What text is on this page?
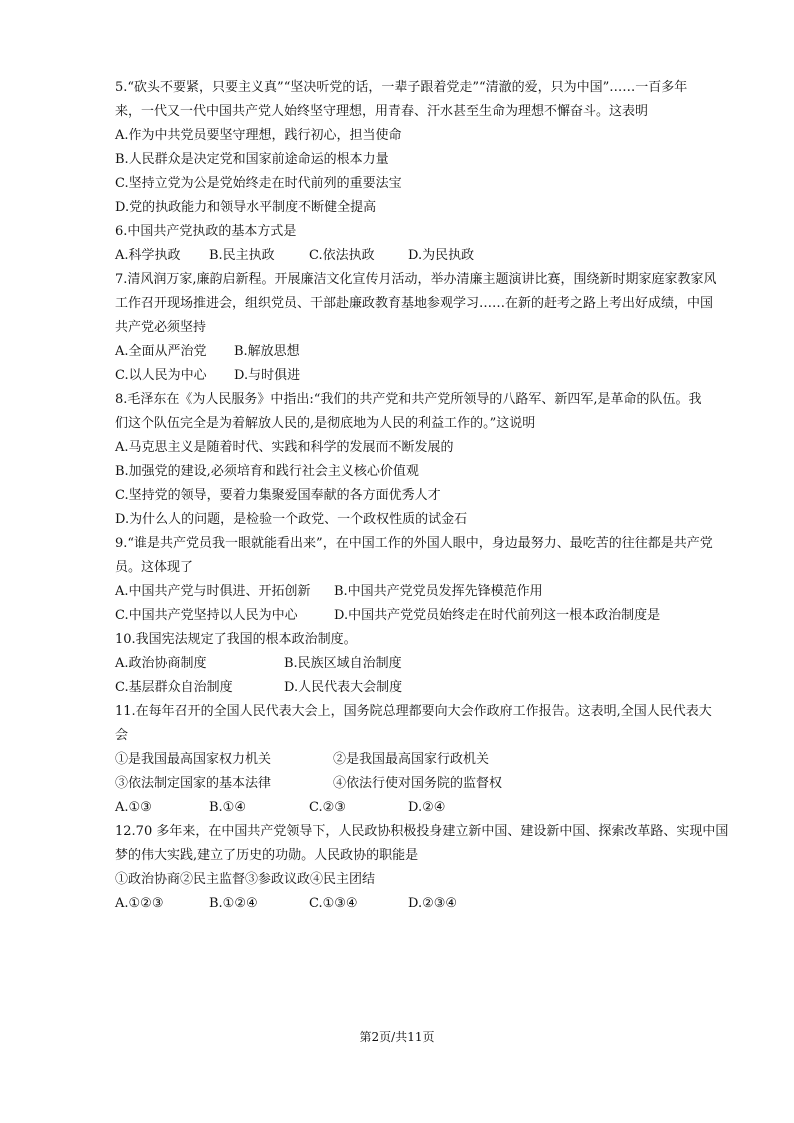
5.“砍头不要紧，只要主义真”“坚决听党的话，一辈子跟着党走”“清澈的爱，只为中国”……一百多年
来，一代又一代中国共产党人始终坚守理想，用青春、汗水甚至生命为理想不懈奋斗。这表明
A.作为中共党员要坚守理想，践行初心，担当使命
B.人民群众是决定党和国家前途命运的根本力量
C.坚持立党为公是党始终走在时代前列的重要法宝
D.党的执政能力和领导水平制度不断健全提高
6.中国共产党执政的基本方式是
A.科学执政 B.民主执政	C.依法执政	D.为民执政
7.清风润万家,廉韵启新程。开展廉洁文化宣传月活动，举办清廉主题演讲比赛，围绕新时期家庭家教家风
工作召开现场推进会，组织党员、干部赴廉政教育基地参观学习……在新的赶考之路上考出好成绩，中国
共产党必须坚持
A.全面从严治党 B.解放思想
C.以人民为中心 D.与时俱进
8.毛泽东在《为人民服务》中指出:“我们的共产党和共产党所领导的八路军、新四军,是革命的队伍。我
们这个队伍完全是为着解放人民的,是彻底地为人民的利益工作的。”这说明
A.马克思主义是随着时代、实践和科学的发展而不断发展的
B.加强党的建设,必须培育和践行社会主义核心价值观
C.坚持党的领导，要着力集聚爱国奉献的各方面优秀人才
D.为什么人的问题，是检验一个政党、一个政权性质的试金石
9.“谁是共产党员我一眼就能看出来”，在中国工作的外国人眼中，身边最努力、最吃苦的往往都是共产党
员。这体现了
A.中国共产党与时俱进、开拓创新 B.中国共产党党员发挥先锋模范作用
C.中国共产党坚持以人民为中心	D.中国共产党党员始终走在时代前列这一根本政治制度是
10.我国宪法规定了我国的根本政治制度。
A.政治协商制度	B.民族区域自治制度
C.基层群众自治制度	D.人民代表大会制度
11.在每年召开的全国人民代表大会上，国务院总理都要向大会作政府工作报告。这表明,全国人民代表大
会
①是我国最高国家权力机关	②是我国最高国家行政机关
③依法制定国家的基本法律	④依法行使对国务院的监督权
A.①③	B.①④	C.②③	D.②④
12.70 多年来，在中国共产党领导下，人民政协积极投身建立新中国、建设新中国、探索改革路、实现中国
梦的伟大实践,建立了历史的功勋。人民政协的职能是
①政治协商②民主监督③参政议政④民主团结
A.①②③	B.①②④	C.①③④	D.②③④
第2页/共11页
